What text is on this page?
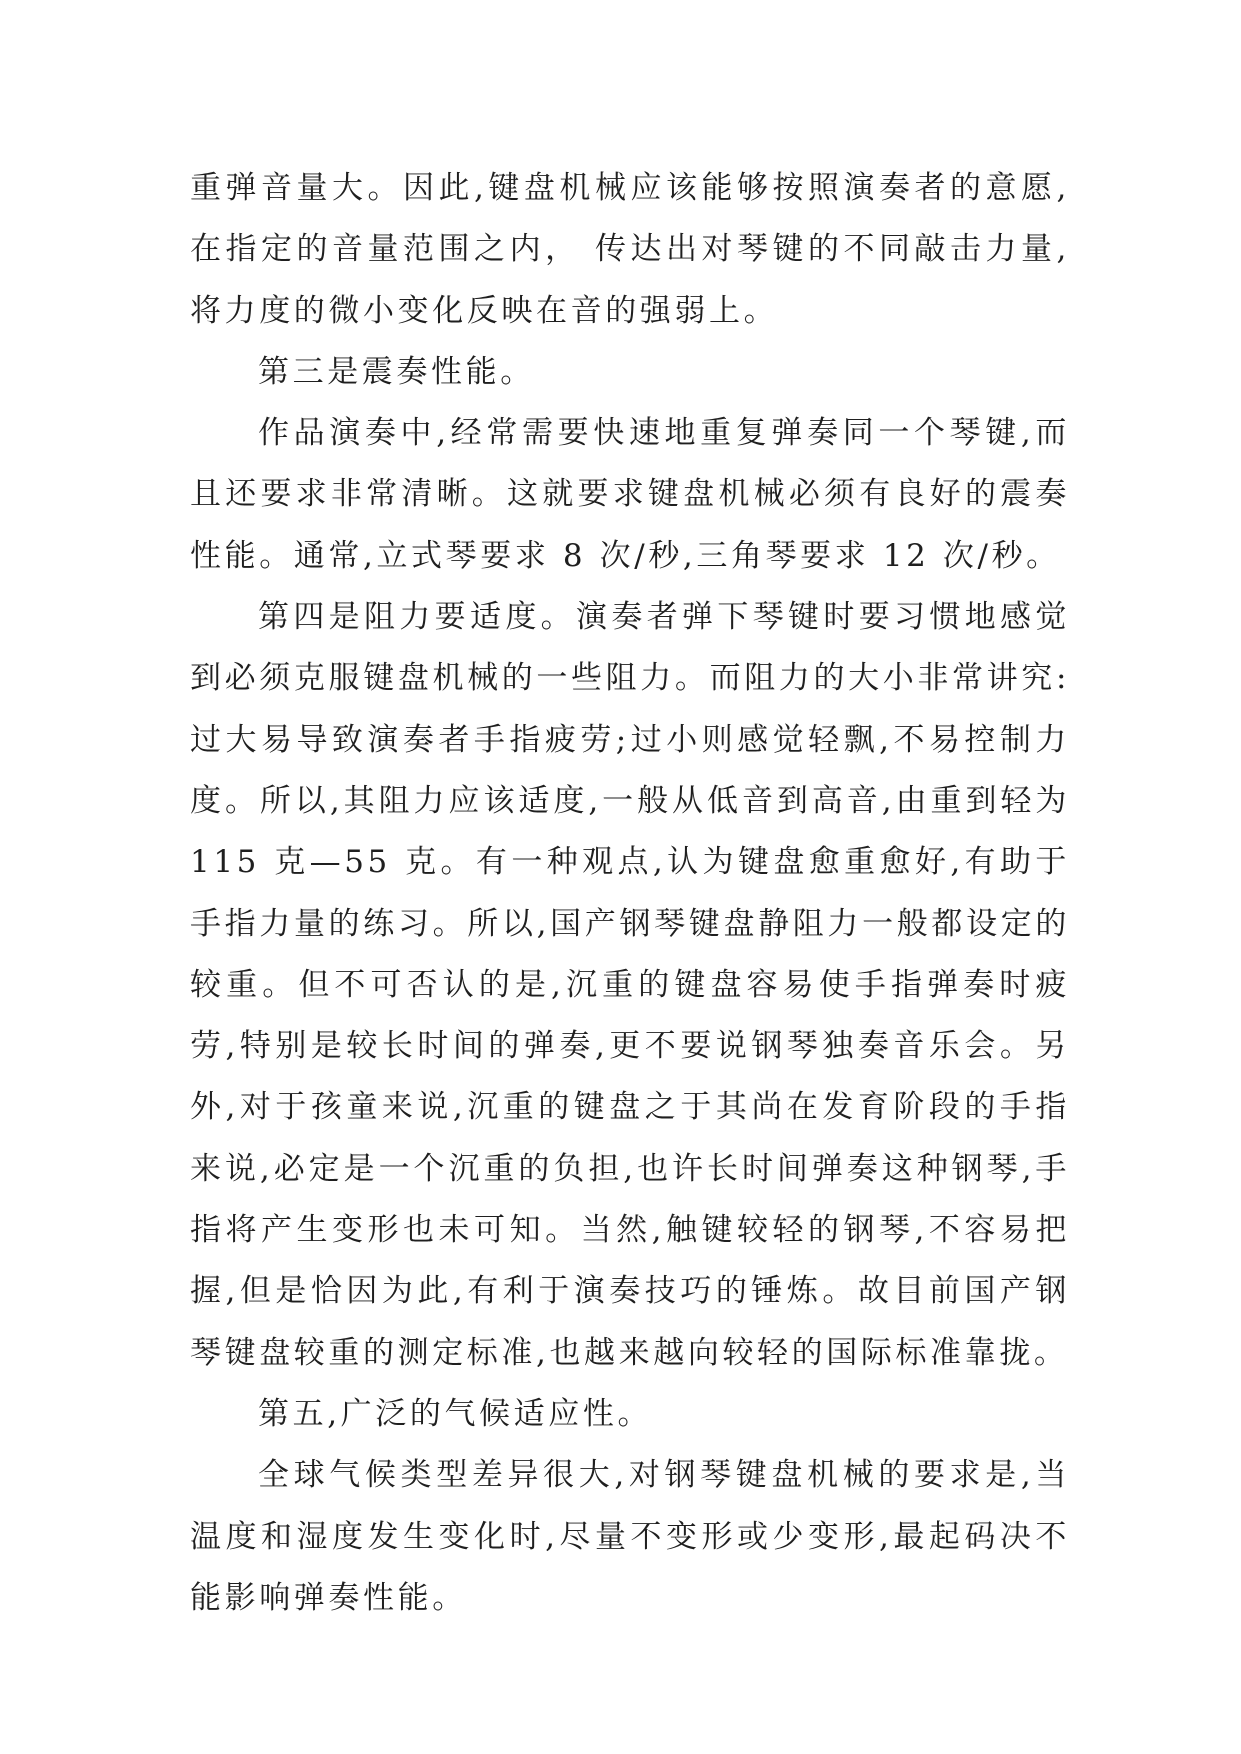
重弹音量大。因此,键盘机械应该能够按照演奏者的意愿,在指定的音量范围之内， 传达出对琴键的不同敲击力量,将力度的微小变化反映在音的强弱上。

第三是震奏性能。

作品演奏中,经常需要快速地重复弹奏同一个琴键,而且还要求非常清晰。这就要求键盘机械必须有良好的震奏性能。通常,立式琴要求 8 次/秒,三角琴要求 12 次/秒。

第四是阻力要适度。演奏者弹下琴键时要习惯地感觉到必须克服键盘机械的一些阻力。而阻力的大小非常讲究:过大易导致演奏者手指疲劳;过小则感觉轻飘,不易控制力度。所以,其阻力应该适度,一般从低音到高音,由重到轻为 115 克—55 克。有一种观点,认为键盘愈重愈好,有助于手指力量的练习。所以,国产钢琴键盘静阻力一般都设定的较重。但不可否认的是,沉重的键盘容易使手指弹奏时疲劳,特别是较长时间的弹奏,更不要说钢琴独奏音乐会。另外,对于孩童来说,沉重的键盘之于其尚在发育阶段的手指来说,必定是一个沉重的负担,也许长时间弹奏这种钢琴,手指将产生变形也未可知。当然,触键较轻的钢琴,不容易把握,但是恰因为此,有利于演奏技巧的锤炼。故目前国产钢琴键盘较重的测定标准,也越来越向较轻的国际标准靠拢。

第五,广泛的气候适应性。

全球气候类型差异很大,对钢琴键盘机械的要求是,当温度和湿度发生变化时,尽量不变形或少变形,最起码决不能影响弹奏性能。
